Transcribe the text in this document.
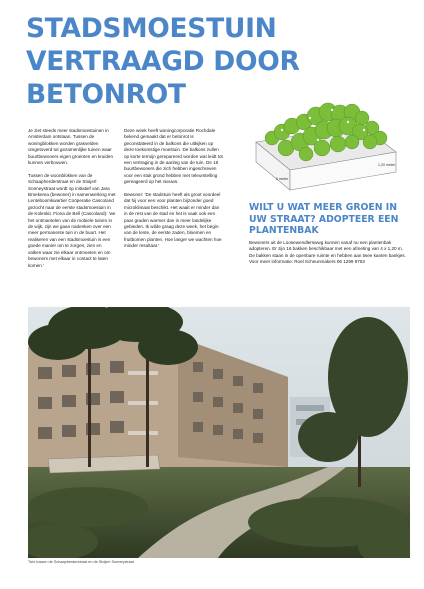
STADSMOESTUIN
VERTRAAGD DOOR
BETONROT

Je ziet steeds meer stadsmoestuinen in Amsterdam ontstaan. Tussen de woningblokken worden grasvelden omgetoverd tot gezamenlijke tuinen waar buurtbewoners eigen groenten en kruiden kunnen verbouwen.

Tussen de woonblokken van de Schaapherderstraat en de Stoijerl Sonneystraat wordt op initiatief van Jara Broekema (bewoner) in samenwerking met Lenteboomkwartier Coöperatie Cascoland gezocht naar de eerste stadsmoestuin in de Kolenkit. Fiona de Bell (Cascoland): 'we het ontmantelen van de mobiele tuinen in de wijk, zijn we gaan nadenken over een meer permanente tuin in de buurt. Het realiseren van een stadsmoestuin is een goede manier om te zorgen, zien en valken waar zie elkaar ontmoeten en om bewoners met elkaar in contact te laten komen.'

Deze week heeft woningcorporatie Rochdale bekend gemaakt dat er betonrot is geconstateerd in de balkons die uitkijken op deze toekomstige moestuin. De balkons zullen op korte termijn gerepareerd worden wat leidt tot een vertraging in de aanleg van de tuin. De 18 buurtbewoners die zich hebben ingeschreven voor een stuk grond hebben met teleurstelling gereageerd op het nieuws.

Bewoner: 'De stadstuin heeft als groot voordeel dat hij voor een voor planten bijzonder goed microklimaat beschikt. Het waait er minder dan in de rest van de stad en het is vaak ook een paar graden warmer dan in meer landelijke gebieden. Ik wilde graag deze week, het begin van de lente, de eerste zaden, bloemen en fruitbomen planten. Hoe langer we wachten hoe minder resultaat.'

0 meter
1,20 meter
WILT U WAT MEER GROEN IN
UW STRAAT? ADOPTEER EEN
PLANTENBAK
Bewoners uit de Loosewendlerswwg kunnen vanaf nu een plantenbak adopteren. Er zijn 16 bakken beschikbaar met een afmeting van 4 x 1,20 m. De bakken staan in de openbare ruimte en hebben aan twee kanten bankjes. Voor meer informatie: Roel Scheunmakers 06 1299 9763
Tuin tussen de Schaapherderstraat en de Stoijerl Sonneystraat
